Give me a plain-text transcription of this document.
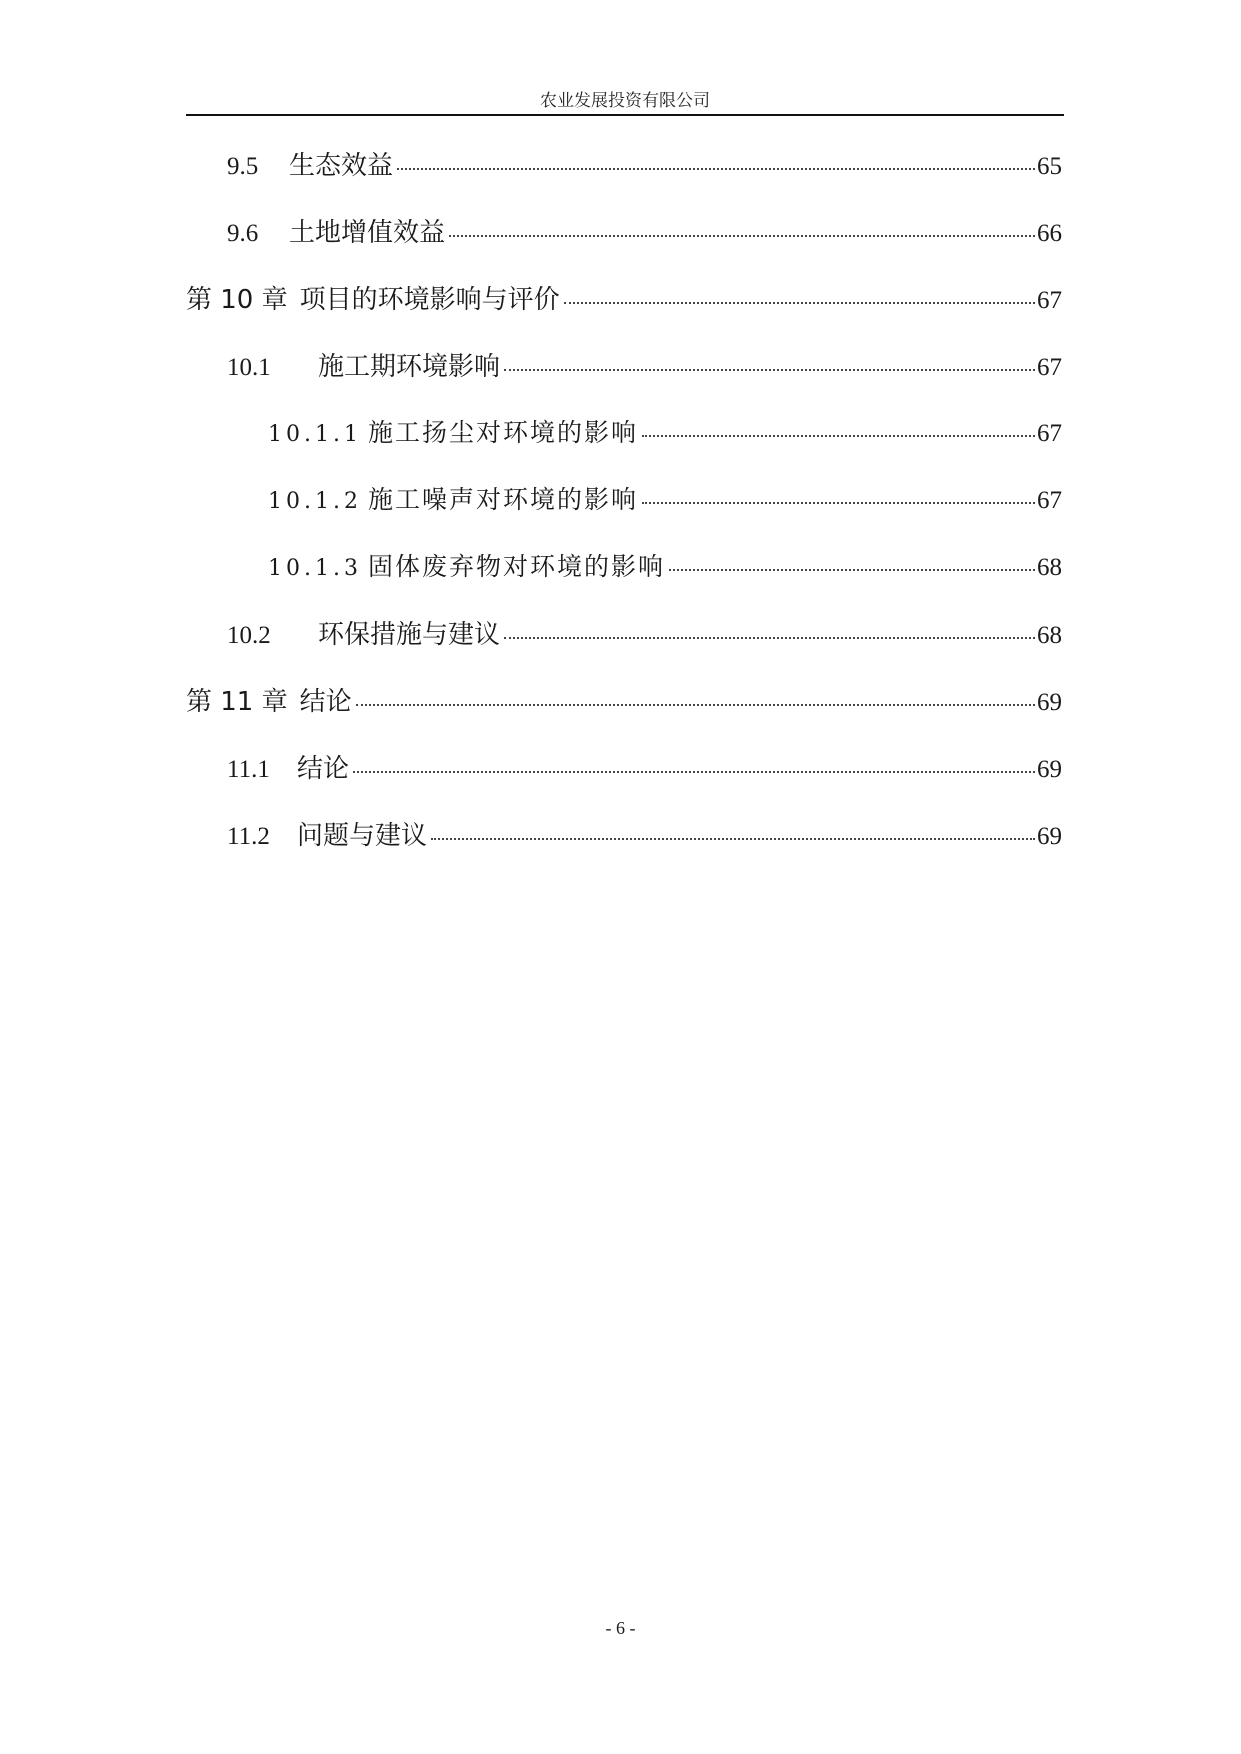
农业发展投资有限公司
9.5	生态效益	65
9.6	土地增值效益	66
第 10 章 项目的环境影响与评价	67
10.1	施工期环境影响	67
10.1.1 施工扬尘对环境的影响	67
10.1.2 施工噪声对环境的影响	67
10.1.3 固体废弃物对环境的影响	68
10.2	环保措施与建议	68
第 11 章 结论	69
11.1	结论	69
11.2	问题与建议	69
- 6 -
